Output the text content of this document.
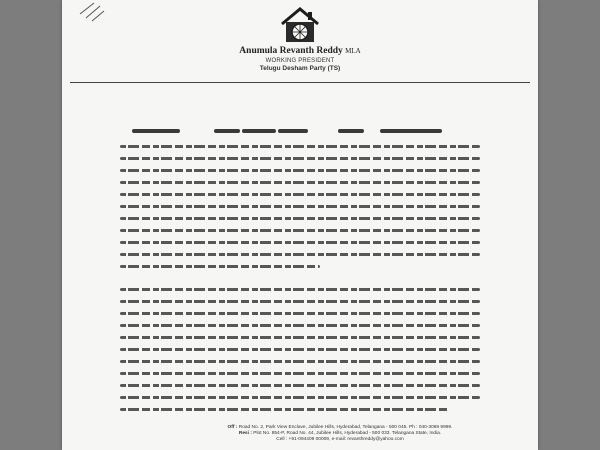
Anumula Revanth Reddy MLA
WORKING PRESIDENT
Telugu Desham Party (TS)
Off : Road No. 2, Park View Enclave, Jubilee Hills, Hyderabad, Telangana - 500 045. Ph : 040-3069 9999.
Resi : Plot No. 854-P, Road No. 44, Jubilee Hills, Hyderabad - 500 033. Telangana State, India.
Cell : +91-094409 00009, e-mail: revanthreddy@yahoo.com
